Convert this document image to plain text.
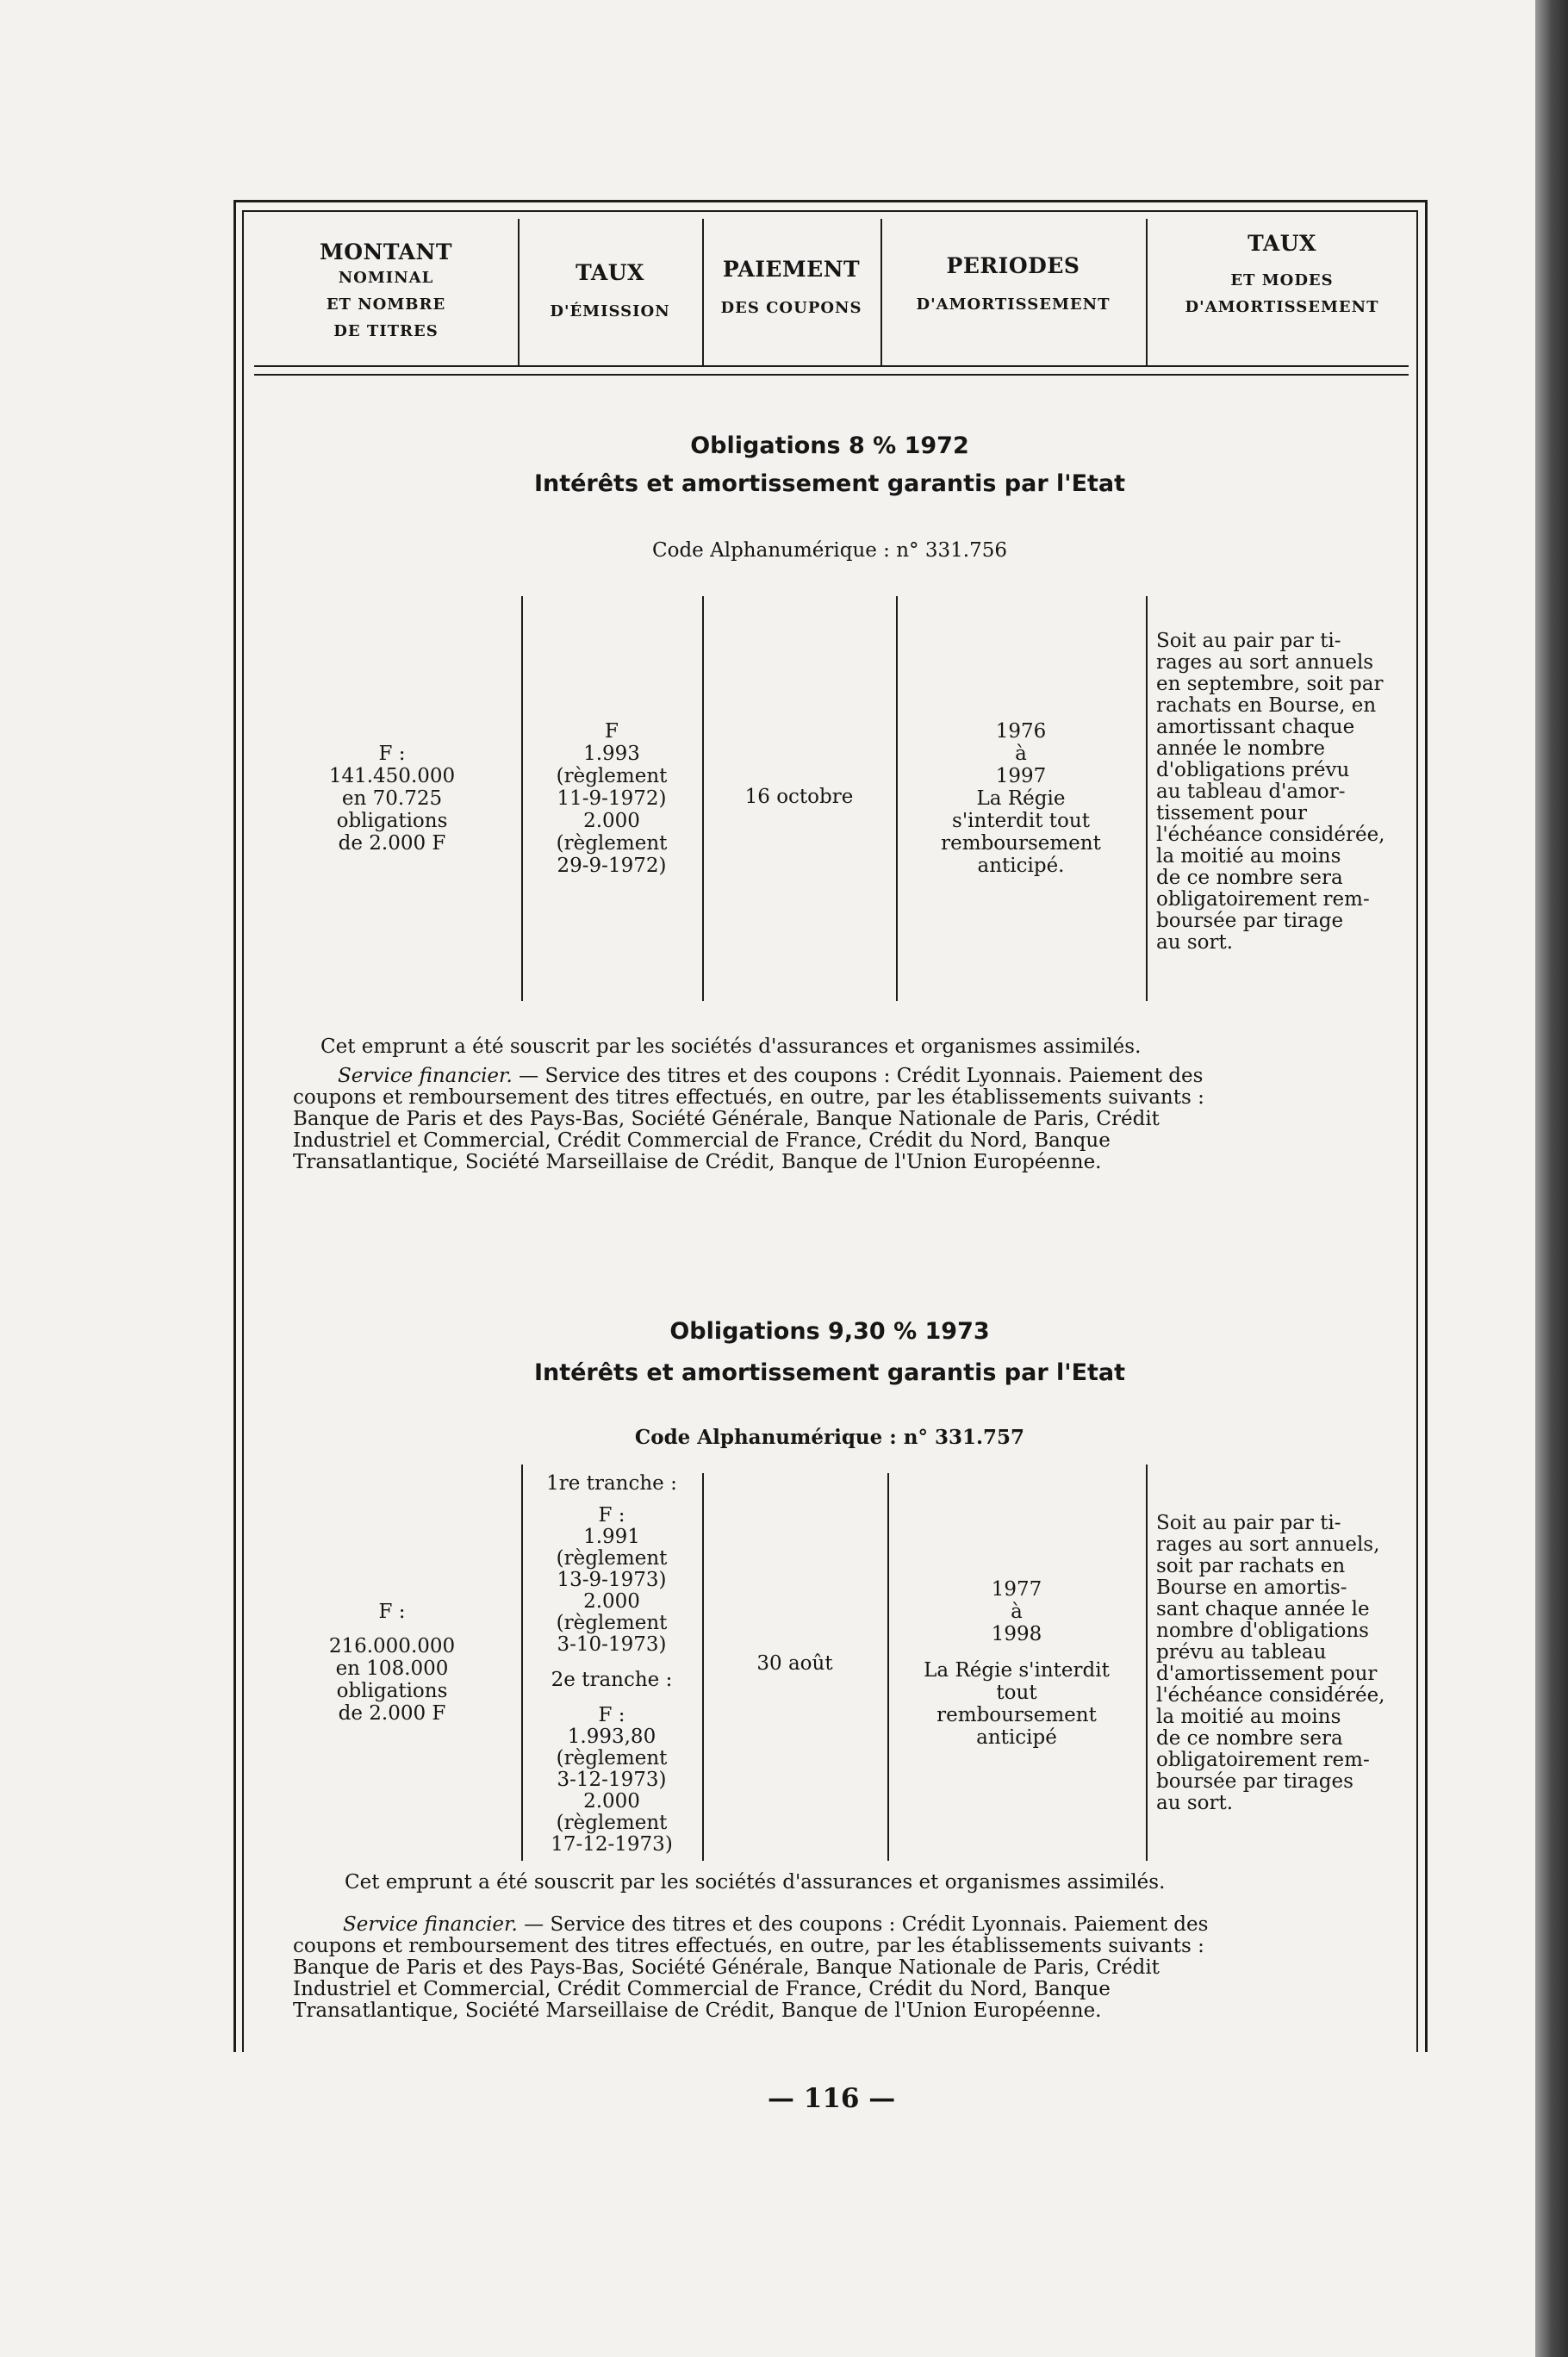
MONTANT
NOMINAL
ET NOMBRE
DE TITRES
TAUX
D'ÉMISSION
PAIEMENT
DES COUPONS
PERIODES
D'AMORTISSEMENT
TAUX
ET MODES
D'AMORTISSEMENT
Obligations 8 % 1972
Intérêts et amortissement garantis par l'Etat
Code Alphanumérique : n° 331.756
F :
141.450.000
en 70.725
obligations
de 2.000 F
F
1.993
(règlement
11-9-1972)
2.000
(règlement
29-9-1972)
16 octobre
1976
à
1997
La Régie
s'interdit tout
remboursement
anticipé.
Soit au pair par ti-
rages au sort annuels
en septembre, soit par
rachats en Bourse, en
amortissant chaque
année le nombre
d'obligations prévu
au tableau d'amor-
tissement pour
l'échéance considérée,
la moitié au moins
de ce nombre sera
obligatoirement rem-
boursée par tirage
au sort.
Cet emprunt a été souscrit par les sociétés d'assurances et organismes assimilés.
Service financier. — Service des titres et des coupons : Crédit Lyonnais. Paiement des
coupons et remboursement des titres effectués, en outre, par les établissements suivants :
Banque de Paris et des Pays-Bas, Société Générale, Banque Nationale de Paris, Crédit
Industriel et Commercial, Crédit Commercial de France, Crédit du Nord, Banque
Transatlantique, Société Marseillaise de Crédit, Banque de l'Union Européenne.
Obligations 9,30 % 1973
Intérêts et amortissement garantis par l'Etat
Code Alphanumérique : n° 331.757
F :
216.000.000
en 108.000
obligations
de 2.000 F
1re tranche :
F :
1.991
(règlement
13-9-1973)
2.000
(règlement
3-10-1973)
2e tranche :
F :
1.993,80
(règlement
3-12-1973)
2.000
(règlement
17-12-1973)
30 août
1977
à
1998
La Régie s'interdit
tout
remboursement
anticipé
Soit au pair par ti-
rages au sort annuels,
soit par rachats en
Bourse en amortis-
sant chaque année le
nombre d'obligations
prévu au tableau
d'amortissement pour
l'échéance considérée,
la moitié au moins
de ce nombre sera
obligatoirement rem-
boursée par tirages
au sort.
Cet emprunt a été souscrit par les sociétés d'assurances et organismes assimilés.
Service financier. — Service des titres et des coupons : Crédit Lyonnais. Paiement des
coupons et remboursement des titres effectués, en outre, par les établissements suivants :
Banque de Paris et des Pays-Bas, Société Générale, Banque Nationale de Paris, Crédit
Industriel et Commercial, Crédit Commercial de France, Crédit du Nord, Banque
Transatlantique, Société Marseillaise de Crédit, Banque de l'Union Européenne.
— 116 —
